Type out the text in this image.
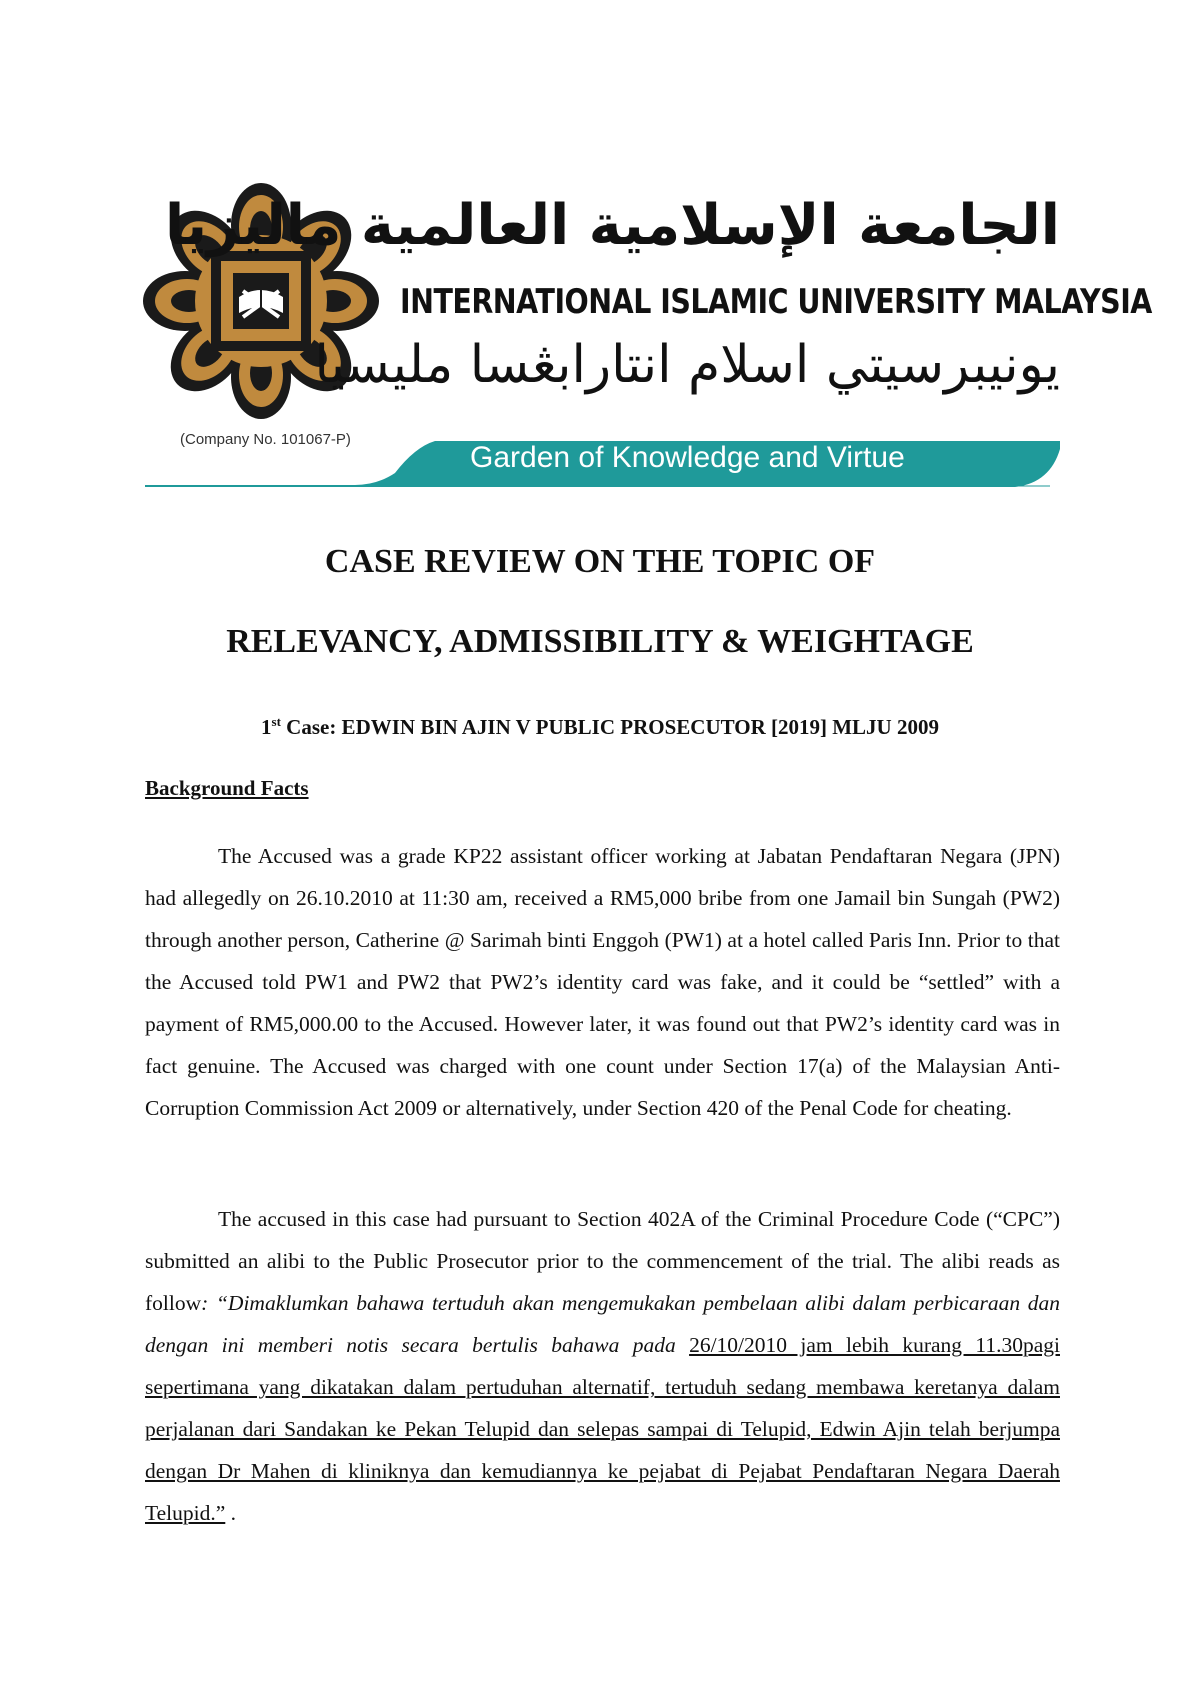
الجامعة الإسلامية العالمية ماليزيا
INTERNATIONAL ISLAMIC UNIVERSITY MALAYSIA
يونيبرسيتي اسلام انتارابڠسا مليسيا
(Company No. 101067-P)
Garden of Knowledge and Virtue
CASE REVIEW ON THE TOPIC OF
RELEVANCY, ADMISSIBILITY & WEIGHTAGE
1st Case: EDWIN BIN AJIN V PUBLIC PROSECUTOR [2019] MLJU 2009
Background Facts

The Accused was a grade KP22 assistant officer working at Jabatan Pendaftaran Negara (JPN) had allegedly on 26.10.2010 at 11:30 am, received a RM5,000 bribe from one Jamail bin Sungah (PW2) through another person, Catherine @ Sarimah binti Enggoh (PW1) at a hotel called Paris Inn. Prior to that the Accused told PW1 and PW2 that PW2’s identity card was fake, and it could be “settled” with a payment of RM5,000.00 to the Accused. However later, it was found out that PW2’s identity card was in fact genuine. The Accused was charged with one count under Section 17(a) of the Malaysian Anti-Corruption Commission Act 2009 or alternatively, under Section 420 of the Penal Code for cheating.

The accused in this case had pursuant to Section 402A of the Criminal Procedure Code (“CPC”) submitted an alibi to the Public Prosecutor prior to the commencement of the trial. The alibi reads as follow: “Dimaklumkan bahawa tertuduh akan mengemukakan pembelaan alibi dalam perbicaraan dan dengan ini memberi notis secara bertulis bahawa pada 26/10/2010 jam lebih kurang 11.30pagi sepertimana yang dikatakan dalam pertuduhan alternatif, tertuduh sedang membawa keretanya dalam perjalanan dari Sandakan ke Pekan Telupid dan selepas sampai di Telupid, Edwin Ajin telah berjumpa dengan Dr Mahen di kliniknya dan kemudiannya ke pejabat di Pejabat Pendaftaran Negara Daerah Telupid.” .
